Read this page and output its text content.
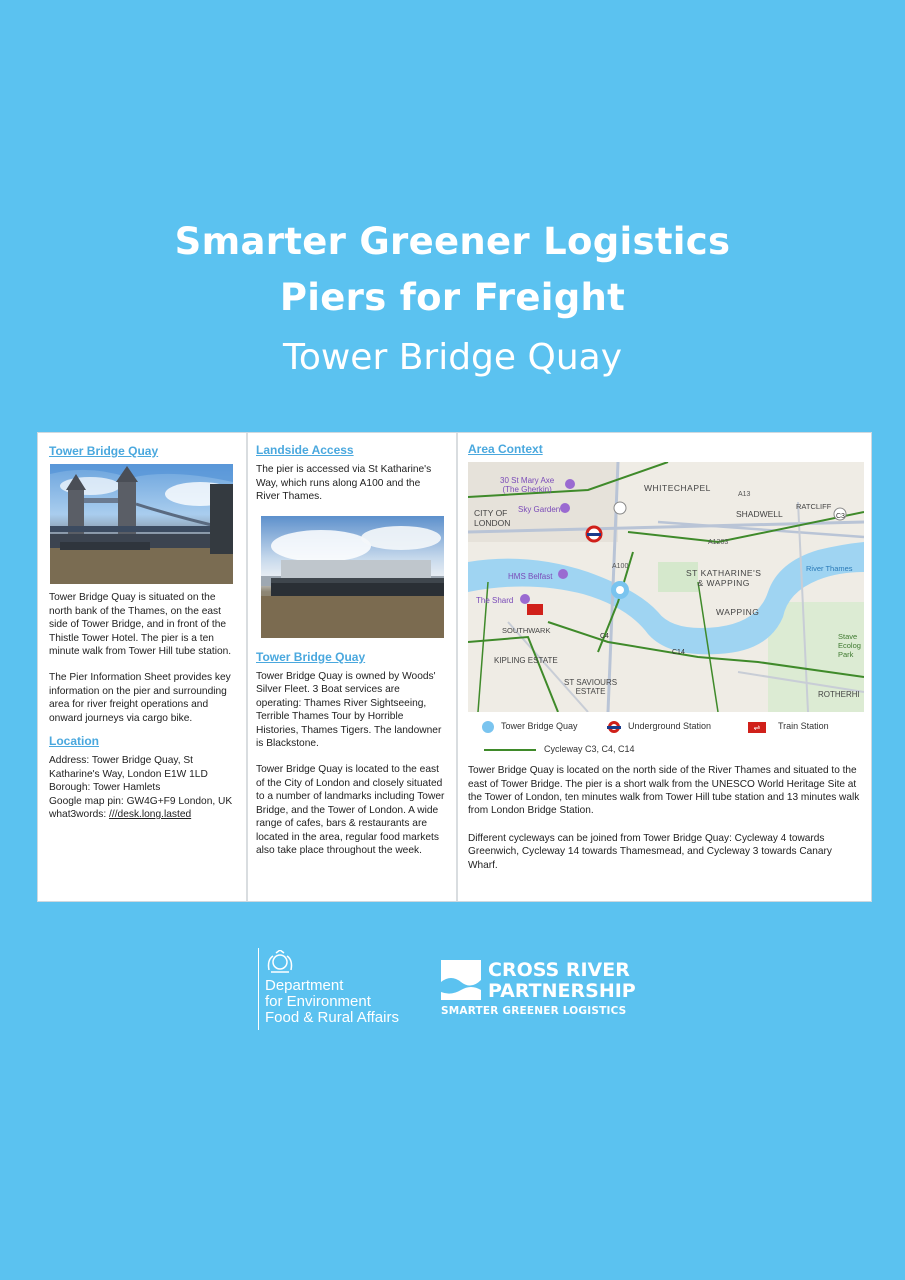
Smarter Greener Logistics
Piers for Freight
Tower Bridge Quay
Tower Bridge Quay

Tower Bridge Quay is situated on the north bank of the Thames, on the east side of Tower Bridge, and in front of the Thistle Tower Hotel. The pier is a ten minute walk from Tower Hill tube station.

The Pier Information Sheet provides key information on the pier and surrounding area for river freight operations and onward journeys via cargo bike.

Location

Address: Tower Bridge Quay, St Katharine's Way, London E1W 1LD

Borough: Tower Hamlets

Google map pin: GW4G+F9 London, UK

what3words: ///desk.long.lasted

Landside Access

The pier is accessed via St Katharine's Way, which runs along A100 and the River Thames.

Tower Bridge Quay

Tower Bridge Quay is owned by Woods' Silver Fleet. 3 Boat services are operating: Thames River Sightseeing, Terrible Thames Tour by Horrible Histories, Thames Tigers. The landowner is Blackstone.

Tower Bridge Quay is located to the east of the City of London and closely situated to a number of landmarks including Tower Bridge, and the Tower of London. A wide range of cafes, bars & restaurants are located in the area, regular food markets also take place throughout the week.

Area Context
WHITECHAPEL
SHADWELL
RATCLIFF
CITY OF
LONDON
30 St Mary Axe
(The Gherkin)
Sky Garden
HMS Belfast
The Shard
ST KATHARINE'S
& WAPPING
WAPPING
SOUTHWARK
KIPLING ESTATE
ST SAVIOURS
ESTATE	ROTHERHI
River Thames
Stave
Ecolog
Park
A100
A13
A1203
C3
C4
C14
Tower Bridge Quay	Underground Station	⇌	Train Station
Cycleway C3, C4, C14

Tower Bridge Quay is located on the north side of the River Thames and situated to the east of Tower Bridge. The pier is a short walk from the UNESCO World Heritage Site at the Tower of London, ten minutes walk from Tower Hill tube station and 13 minutes walk from London Bridge Station.

Different cycleways can be joined from Tower Bridge Quay: Cycleway 4 towards Greenwich, Cycleway 14 towards Thamesmead, and Cycleway 3 towards Canary Wharf.

Department
for Environment
Food & Rural Affairs
CROSS RIVER
PARTNERSHIP
SMARTER GREENER LOGISTICS
